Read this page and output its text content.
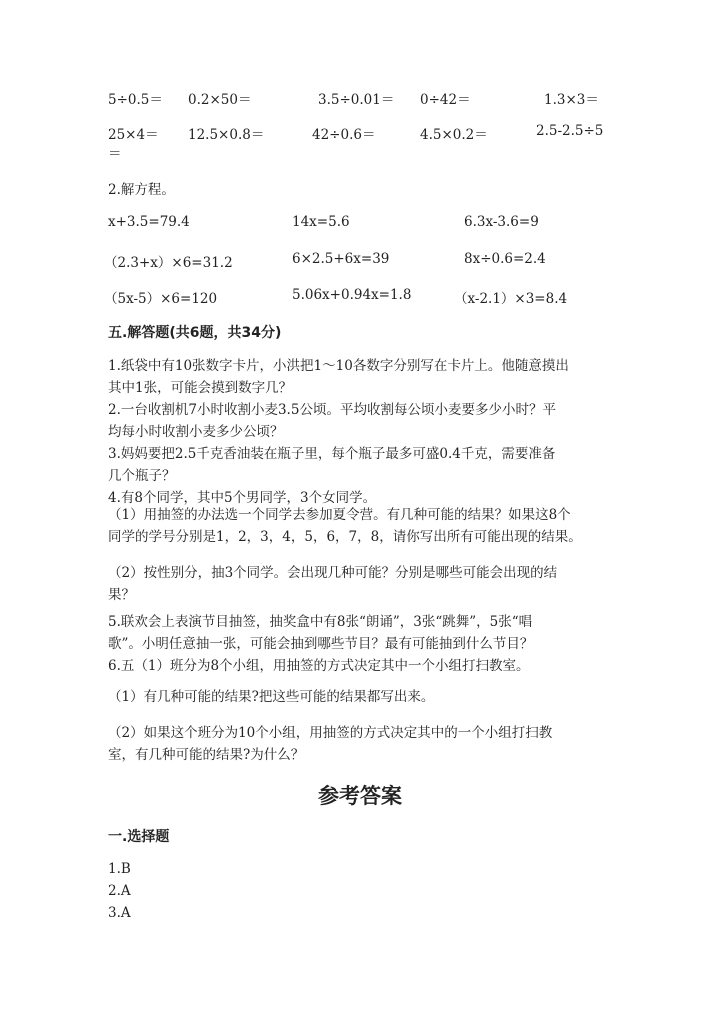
5÷0.5＝ 0.2×50＝	3.5÷0.01＝ 0÷42＝	1.3×3＝
25×4＝ 12.5×0.8＝	42÷0.6＝	4.5×0.2＝	2.5-2.5÷5
＝
2.解方程。
x+3.5=79.4	14x=5.6	6.3x-3.6=9
（2.3+x）×6=31.2	6×2.5+6x=39	8x÷0.6=2.4
（5x-5）×6=120	5.06x+0.94x=1.8	（x-2.1）×3=8.4
五.解答题(共6题，共34分)
1.纸袋中有10张数字卡片，小洪把1～10各数字分别写在卡片上。他随意摸出
其中1张，可能会摸到数字几？
2.一台收割机7小时收割小麦3.5公顷。平均收割每公顷小麦要多少小时？平
均每小时收割小麦多少公顷？
3.妈妈要把2.5千克香油装在瓶子里，每个瓶子最多可盛0.4千克，需要准备
几个瓶子？
4.有8个同学，其中5个男同学，3个女同学。
（1）用抽签的办法选一个同学去参加夏令营。有几种可能的结果？如果这8个
同学的学号分别是1，2，3，4，5，6，7，8，请你写出所有可能出现的结果。
（2）按性别分，抽3个同学。会出现几种可能？分别是哪些可能会出现的结
果？
5.联欢会上表演节目抽签，抽奖盒中有8张“朗诵”，3张“跳舞”，5张“唱
歌”。小明任意抽一张，可能会抽到哪些节目？最有可能抽到什么节目？
6.五（1）班分为8个小组，用抽签的方式决定其中一个小组打扫教室。
（1）有几种可能的结果?把这些可能的结果都写出来。
（2）如果这个班分为10个小组，用抽签的方式决定其中的一个小组打扫教
室，有几种可能的结果?为什么？
参考答案
一.选择题
1.B
2.A
3.A
